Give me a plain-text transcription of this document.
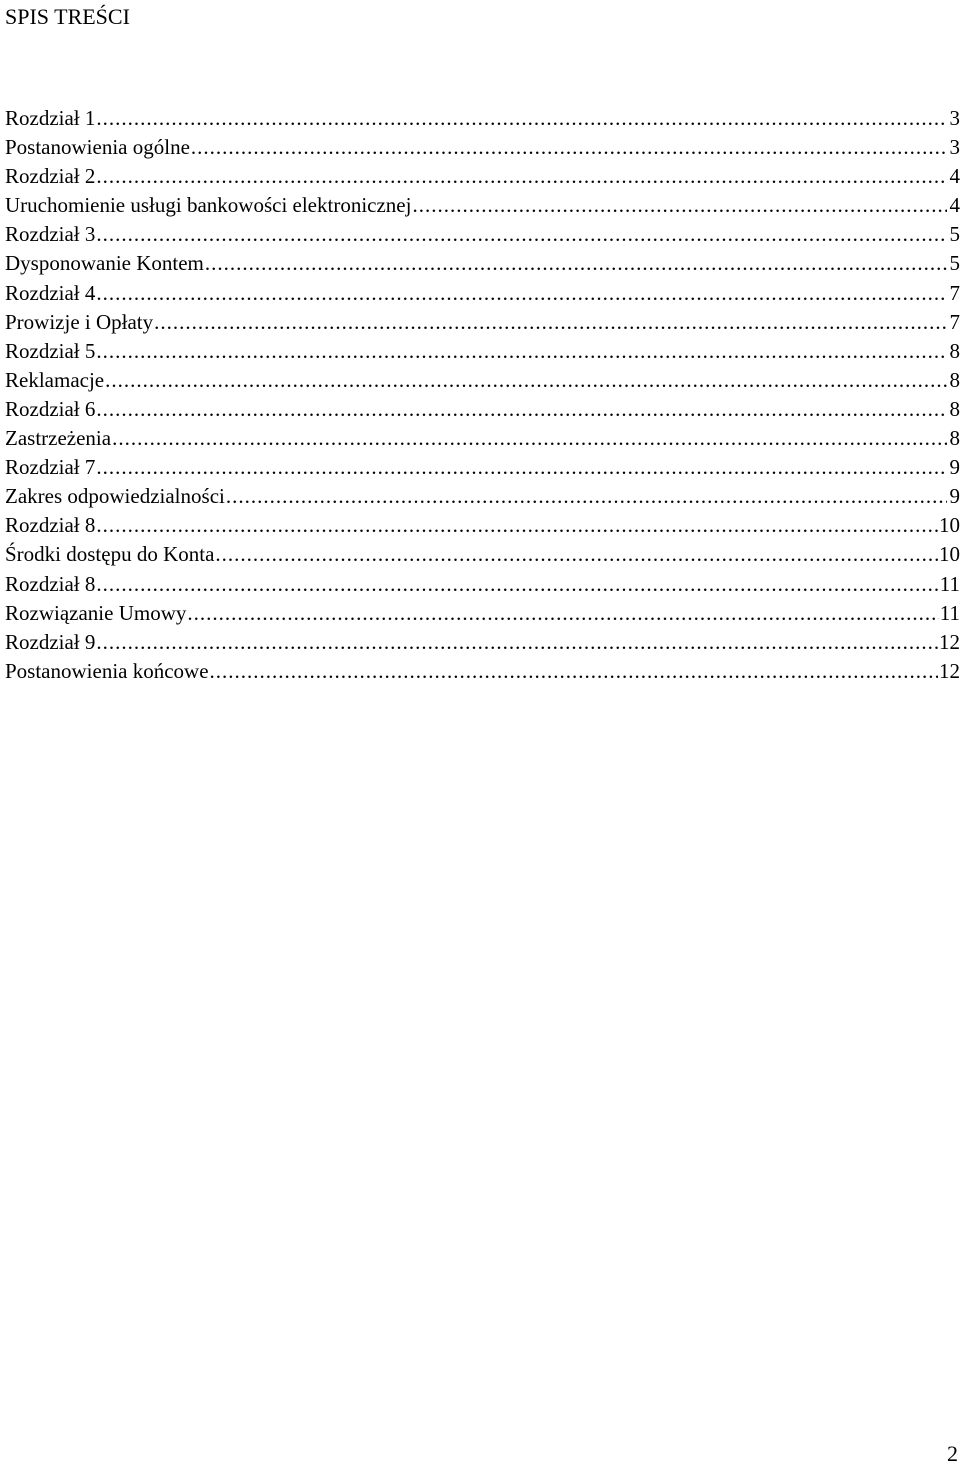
SPIS TREŚCI
Rozdział 1 .....	3
Postanowienia ogólne .....	3
Rozdział 2 .....	4
Uruchomienie usługi bankowości elektronicznej .....	4
Rozdział 3 .....	5
Dysponowanie Kontem .....	5
Rozdział 4 .....	7
Prowizje i Opłaty .....	7
Rozdział 5 .....	8
Reklamacje .....	8
Rozdział 6 .....	8
Zastrzeżenia .....	8
Rozdział 7 .....	9
Zakres odpowiedzialności .....	9
Rozdział 8 .....	10
Środki dostępu do Konta .....	10
Rozdział 8 .....	11
Rozwiązanie Umowy .....	11
Rozdział 9 .....	12
Postanowienia końcowe .....	12
2
